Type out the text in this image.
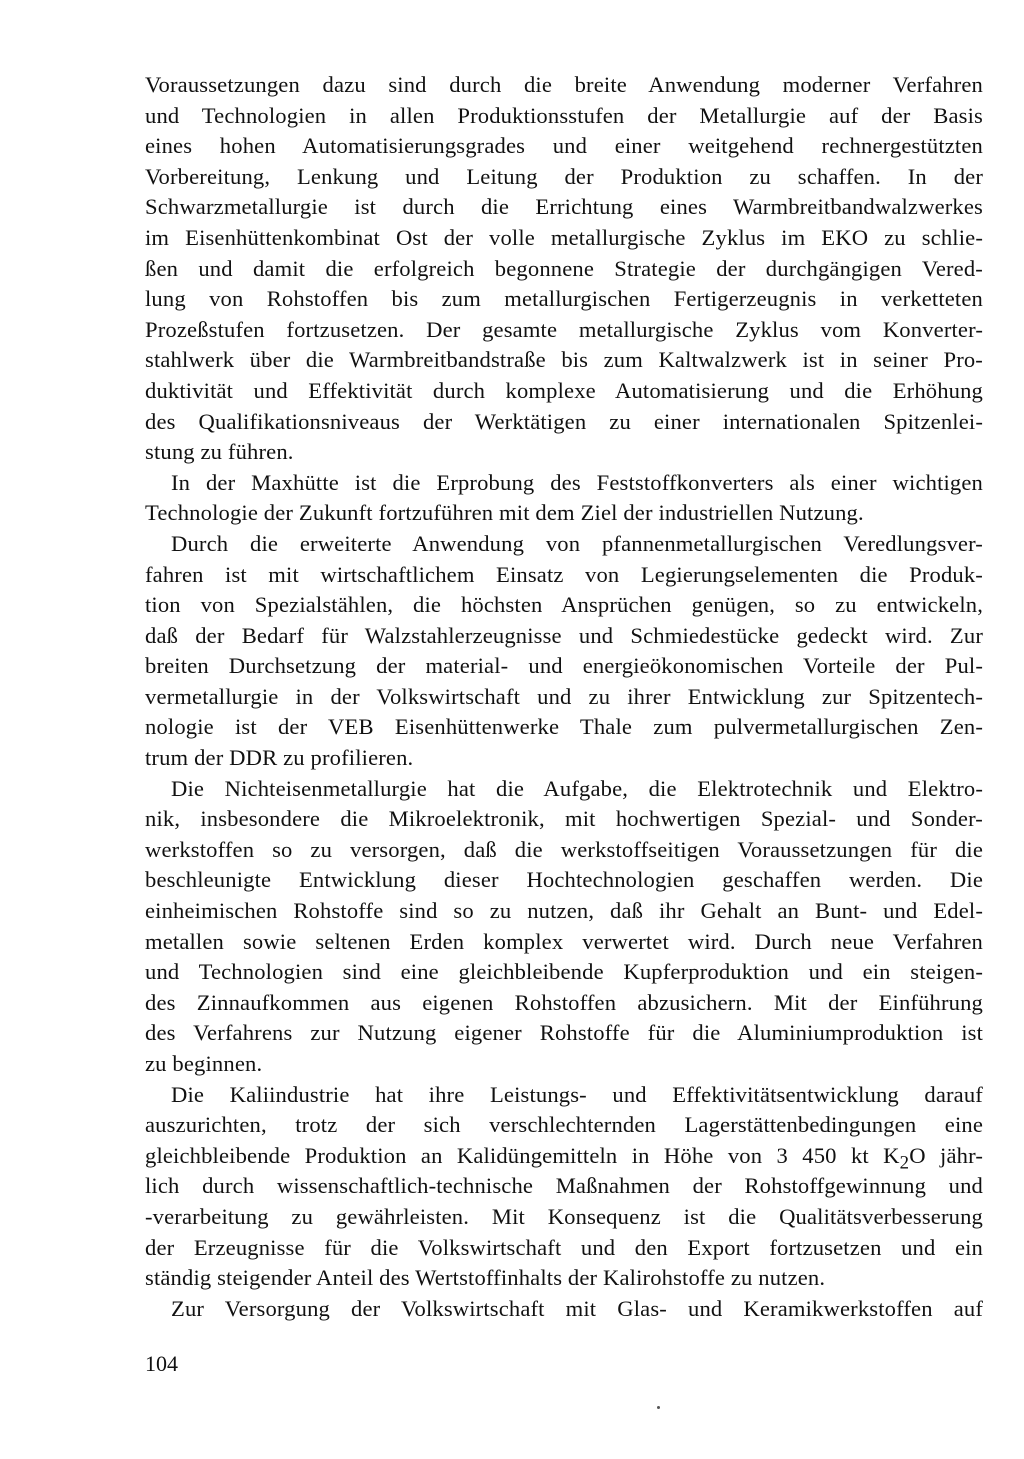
Voraussetzungen dazu sind durch die breite Anwendung moderner Verfahren
und Technologien in allen Produktionsstufen der Metallurgie auf der Basis
eines hohen Automatisierungsgrades und einer weitgehend rechnergestützten
Vorbereitung, Lenkung und Leitung der Produktion zu schaffen. In der
Schwarzmetallurgie ist durch die Errichtung eines Warmbreitbandwalzwerkes
im Eisenhüttenkombinat Ost der volle metallurgische Zyklus im EKO zu schlie-
ßen und damit die erfolgreich begonnene Strategie der durchgängigen Vered-
lung von Rohstoffen bis zum metallurgischen Fertigerzeugnis in verketteten
Prozeßstufen fortzusetzen. Der gesamte metallurgische Zyklus vom Konverter-
stahlwerk über die Warmbreitbandstraße bis zum Kaltwalzwerk ist in seiner Pro-
duktivität und Effektivität durch komplexe Automatisierung und die Erhöhung
des Qualifikationsniveaus der Werktätigen zu einer internationalen Spitzenlei-
stung zu führen.
In der Maxhütte ist die Erprobung des Feststoffkonverters als einer wichtigen
Technologie der Zukunft fortzuführen mit dem Ziel der industriellen Nutzung.
Durch die erweiterte Anwendung von pfannenmetallurgischen Veredlungsver-
fahren ist mit wirtschaftlichem Einsatz von Legierungselementen die Produk-
tion von Spezialstählen, die höchsten Ansprüchen genügen, so zu entwickeln,
daß der Bedarf für Walzstahlerzeugnisse und Schmiedestücke gedeckt wird. Zur
breiten Durchsetzung der material- und energieökonomischen Vorteile der Pul-
vermetallurgie in der Volkswirtschaft und zu ihrer Entwicklung zur Spitzentech-
nologie ist der VEB Eisenhüttenwerke Thale zum pulvermetallurgischen Zen-
trum der DDR zu profilieren.
Die Nichteisenmetallurgie hat die Aufgabe, die Elektrotechnik und Elektro-
nik, insbesondere die Mikroelektronik, mit hochwertigen Spezial- und Sonder-
werkstoffen so zu versorgen, daß die werkstoffseitigen Voraussetzungen für die
beschleunigte Entwicklung dieser Hochtechnologien geschaffen werden. Die
einheimischen Rohstoffe sind so zu nutzen, daß ihr Gehalt an Bunt- und Edel-
metallen sowie seltenen Erden komplex verwertet wird. Durch neue Verfahren
und Technologien sind eine gleichbleibende Kupferproduktion und ein steigen-
des Zinnaufkommen aus eigenen Rohstoffen abzusichern. Mit der Einführung
des Verfahrens zur Nutzung eigener Rohstoffe für die Aluminiumproduktion ist
zu beginnen.
Die Kaliindustrie hat ihre Leistungs- und Effektivitätsentwicklung darauf
auszurichten, trotz der sich verschlechternden Lagerstättenbedingungen eine
gleichbleibende Produktion an Kalidüngemitteln in Höhe von 3 450 kt $K_2O$ jähr-
lich durch wissenschaftlich-technische Maßnahmen der Rohstoffgewinnung und
-verarbeitung zu gewährleisten. Mit Konsequenz ist die Qualitätsverbesserung
der Erzeugnisse für die Volkswirtschaft und den Export fortzusetzen und ein
ständig steigender Anteil des Wertstoffinhalts der Kalirohstoffe zu nutzen.
Zur Versorgung der Volkswirtschaft mit Glas- und Keramikwerkstoffen auf
104
